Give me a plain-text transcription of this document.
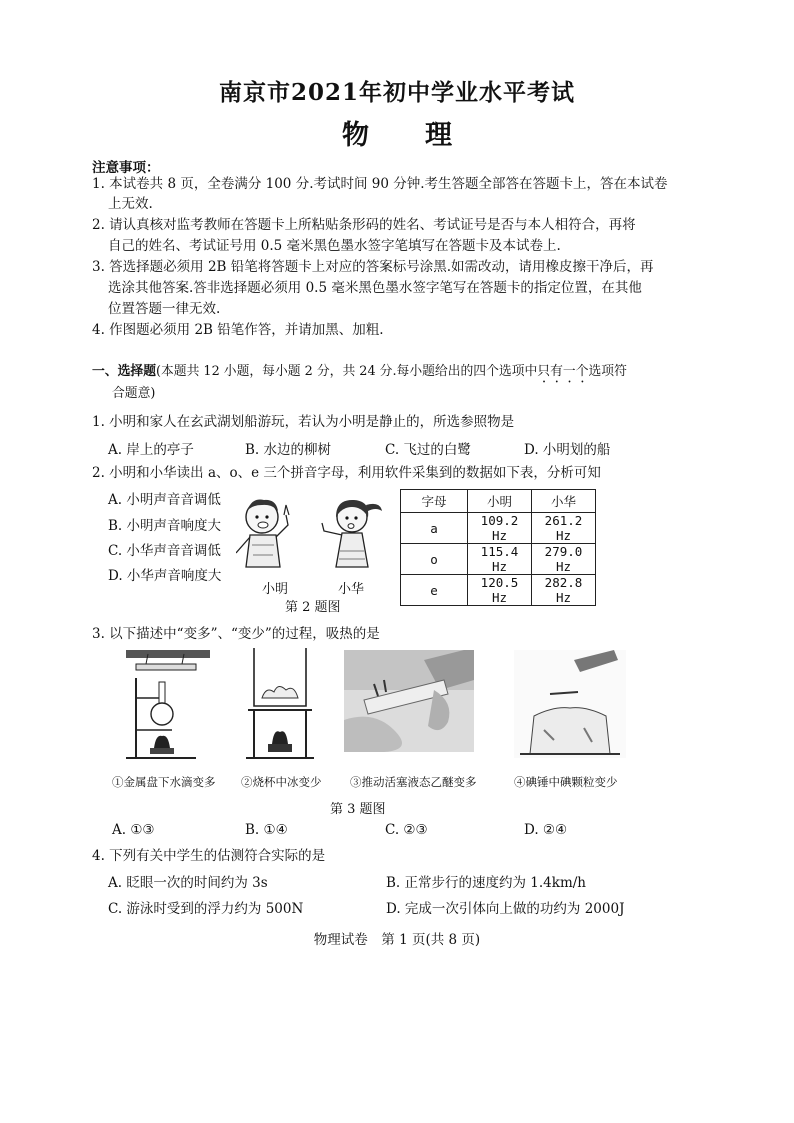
南京市2021年初中学业水平考试
物理
注意事项：
1. 本试卷共 8 页，全卷满分 100 分.考试时间 90 分钟.考生答题全部答在答题卡上，答在本试卷
上无效.
2. 请认真核对监考教师在答题卡上所粘贴条形码的姓名、考试证号是否与本人相符合，再将
自己的姓名、考试证号用 0.5 毫米黑色墨水签字笔填写在答题卡及本试卷上.
3. 答选择题必须用 2B 铅笔将答题卡上对应的答案标号涂黑.如需改动，请用橡皮擦干净后，再
选涂其他答案.答非选择题必须用 0.5 毫米黑色墨水签字笔写在答题卡的指定位置，在其他
位置答题一律无效.
4. 作图题必须用 2B 铅笔作答，并请加黑、加粗.
一、选择题(本题共 12 小题，每小题 2 分，共 24 分.每小题给出的四个选项中只有一个选项符
合题意)
1. 小明和家人在玄武湖划船游玩，若认为小明是静止的，所选参照物是
A. 岸上的亭子	B. 水边的柳树	C. 飞过的白鹭	D. 小明划的船
2. 小明和小华读出 a、o、e 三个拼音字母，利用软件采集到的数据如下表，分析可知
A. 小明声音音调低
B. 小明声音响度大
C. 小华声音音调低
D. 小华声音响度大
小明	小华
第 2 题图
字母	小明	小华
a	109.2 Hz	261.2 Hz
o	115.4 Hz	279.0 Hz
e	120.5 Hz	282.8 Hz
3. 以下描述中“变多”、“变少”的过程，吸热的是
①金属盘下水滴变多 ②烧杯中冰变少 ③推动活塞液态乙醚变多	④碘锤中碘颗粒变少
第 3 题图
A. ①③	B. ①④	C. ②③	D. ②④
4. 下列有关中学生的估测符合实际的是
A. 眨眼一次的时间约为 3s	B. 正常步行的速度约为 1.4km/h
C. 游泳时受到的浮力约为 500N	D. 完成一次引体向上做的功约为 2000J
物理试卷　第 1 页(共 8 页)
